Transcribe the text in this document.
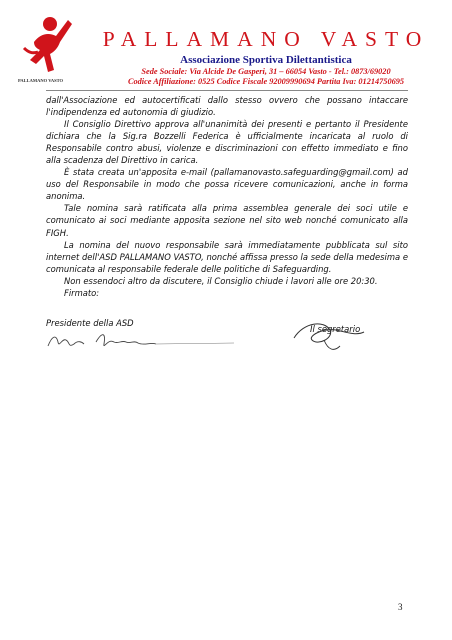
PALLAMANO VASTO
PALLAMANO VASTO
Associazione Sportiva Dilettantistica
Sede Sociale: Via Alcide De Gasperi, 31 – 66054 Vasto - Tel.: 0873/69020
Codice Affiliazione: 0525 Codice Fiscale 92009990694 Partita Iva: 01214750695

dall'Associazione ed autocertificati dallo stesso ovvero che possano intaccare l'indipendenza ed autonomia di giudizio.

Il Consiglio Direttivo approva all'unanimità dei presenti e pertanto il Presidente dichiara che la Sig.ra Bozzelli Federica è ufficialmente incaricata al ruolo di Responsabile contro abusi, violenze e discriminazioni con effetto immediato e fino alla scadenza del Direttivo in carica.

È stata creata un'apposita e-mail (pallamanovasto.safeguarding@gmail.com) ad uso del Responsabile in modo che possa ricevere comunicazioni, anche in forma anonima.

Tale nomina sarà ratificata alla prima assemblea generale dei soci utile e comunicato ai soci mediante apposita sezione nel sito web nonché comunicato alla FIGH.

La nomina del nuovo responsabile sarà immediatamente pubblicata sul sito internet dell'ASD PALLAMANO VASTO, nonché affissa presso la sede della medesima e comunicata al responsabile federale delle politiche di Safeguarding.

Non essendoci altro da discutere, il Consiglio chiude i lavori alle ore 20:30.

Firmato:

Presidente della ASD
Il segretario
3
